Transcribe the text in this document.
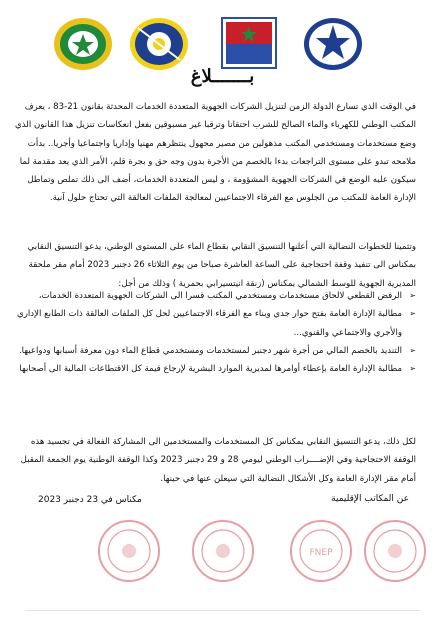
بـــــــلاغ

في الوقت الذي تسارع الدولة الزمن لتنزيل الشركات الجهوية المتعددة الخدمات المحدثة بقانون 21-83 ، يعرف المكتب الوطني للكهرباء والماء الصالح للشرب احتقانا وترقبا غير مسبوقين بفعل انعكاسات تنزيل هذا القانون الذي وضع مستخدمات ومستخدمي المكتب مذهولين من مصير مجهول ينتظرهم مهنيا وإداريا واجتماعيا وأجريا.. بدأت ملامحه تبدو على مستوى التراجعات بدءا بالخصم من الأجرة بدون وجه حق و بجرة قلم، الأمر الذي يعد مقدمة لما سيكون عليه الوضع في الشركات الجهوية المشؤومة ، و ليس المتعددة الخدمات، أضف الى ذلك تملص وتماطل الإدارة العامة للمكتب من الجلوس مع الفرقاء الاجتماعيين لمعالجة الملفات العالقة التي تحتاج حلول آنية.

وتثمينا للخطوات النضالية التي أعلنها التنسيق النقابي بقطاع الماء على المستوى الوطني، يدعو التنسيق النقابي بمكناس الى تنفيذ وقفة احتجاجية على الساعة العاشرة صباحا من يوم الثلاثاء 26 دجنبر 2023 أمام مقر ملحقة المديرية الجهوية للوسط الشمالي بمكناس (زنقة انيتسيرابي بحمرية ) وذلك من أجل:

➢
الرفض القطعي لالحاق مستخدمات ومستخدمي المكتب قسرا الى الشركات الجهوية المتعددة الخدمات،

➢
مطالبة الإدارة العامة بفتح حوار جدي وبناء مع الفرقاء الاجتماعيين لحل كل الملفات العالقة ذات الطابع الإداري والأجري والاجتماعي والقنوي...

➢
التنديد بالخصم المالي من أجرة شهر دجنبر لمستخدمات ومستخدمي قطاع الماء دون معرفة أسبابها ودواعيها.

➢
مطالبة الإدارة العامة بإعطاء أوامرها لمديرية الموارد البشرية لإرجاع قيمة كل الاقتطاعات المالية الى أصحابها

لكل ذلك، يدعو التنسيق النقابي بمكناس كل المستخدمات والمستخدمين الى المشاركة الفعالة في تجسيد هذه الوقفة الاحتجاجية وفي الإضــــراب الوطني ليومي 28 و 29 دجنبر 2023 وكذا الوقفة الوطنية يوم الجمعة المقبل أمام مقر الإدارة العامة وكل الأشكال النضالية التي سيعلن عنها في حينها.

مكناس في 23 دجنبر 2023	عن المكاتب الإقليمية
FNEP
